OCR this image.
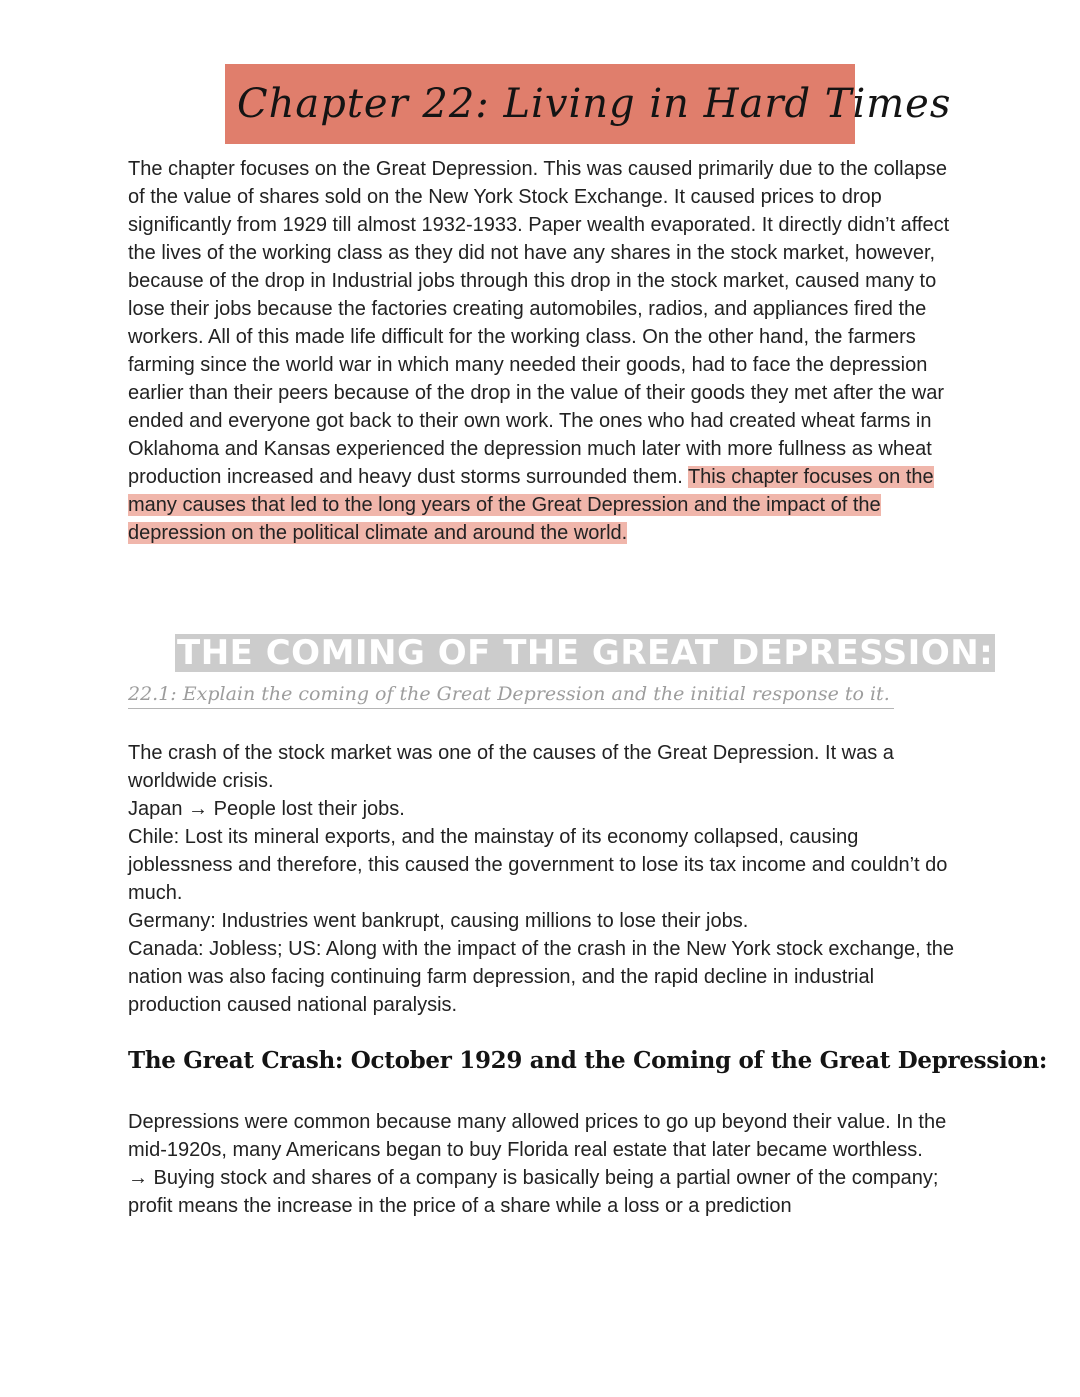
Chapter 22: Living in Hard Times

The chapter focuses on the Great Depression. This was caused primarily due to the collapse of the value of shares sold on the New York Stock Exchange. It caused prices to drop significantly from 1929 till almost 1932-1933. Paper wealth evaporated. It directly didn’t affect the lives of the working class as they did not have any shares in the stock market, however, because of the drop in Industrial jobs through this drop in the stock market, caused many to lose their jobs because the factories creating automobiles, radios, and appliances fired the workers. All of this made life difficult for the working class. On the other hand, the farmers farming since the world war in which many needed their goods, had to face the depression earlier than their peers because of the drop in the value of their goods they met after the war ended and everyone got back to their own work. The ones who had created wheat farms in Oklahoma and Kansas experienced the depression much later with more fullness as wheat production increased and heavy dust storms surrounded them. This chapter focuses on the many causes that led to the long years of the Great Depression and the impact of the depression on the political climate and around the world.

THE COMING OF THE GREAT DEPRESSION:
22.1: Explain the coming of the Great Depression and the initial response to it.

The crash of the stock market was one of the causes of the Great Depression. It was a worldwide crisis.

Japan → People lost their jobs.

Chile: Lost its mineral exports, and the mainstay of its economy collapsed, causing joblessness and therefore, this caused the government to lose its tax income and couldn’t do much.

Germany: Industries went bankrupt, causing millions to lose their jobs.

Canada: Jobless; US: Along with the impact of the crash in the New York stock exchange, the nation was also facing continuing farm depression, and the rapid decline in industrial production caused national paralysis.

The Great Crash: October 1929 and the Coming of the Great Depression:

Depressions were common because many allowed prices to go up beyond their value. In the mid-1920s, many Americans began to buy Florida real estate that later became worthless.

→ Buying stock and shares of a company is basically being a partial owner of the company; profit means the increase in the price of a share while a loss or a prediction
